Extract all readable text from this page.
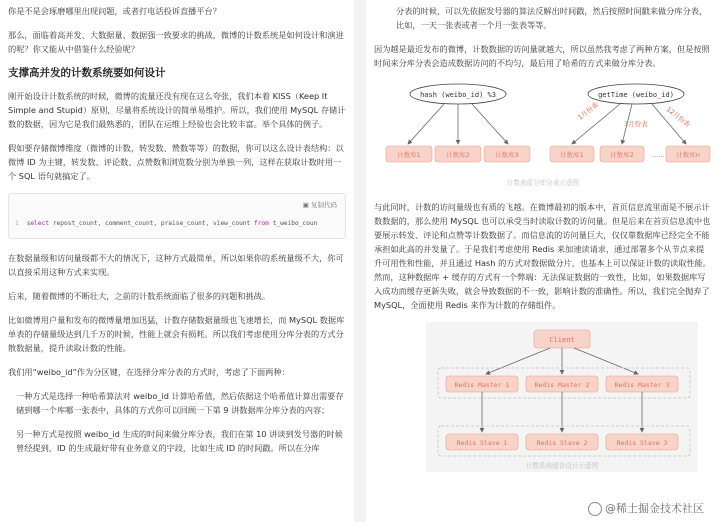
你是不是会琢磨哪里出现问题，或者打电话投诉直播平台？

那么，面临着高并发、大数据量、数据强一致要求的挑战，微博的计数系统是如何设计和演进的呢？你又能从中借鉴什么经验呢？

支撑高并发的计数系统要如何设计

刚开始设计计数系统的时候，微博的流量还没有现在这么夸张，我们本着 KISS（Keep It Simple and Stupid）原则，尽量将系统设计的简单易维护。所以，我们使用 MySQL 存储计数的数据，因为它是我们最熟悉的，团队在运维上经验也会比较丰富。举个具体的例子。

假如要存储微博维度（微博的计数，转发数、赞数等等）的数据，你可以这么设计表结构：以微博 ID 为主键，转发数、评论数、点赞数和浏览数分别为单独一列，这样在获取计数时用一个 SQL 语句就搞定了。

▣ 复制代码
1 select repost_count, comment_count, praise_count, view_count from t_weibo_coun

在数据量级和访问量级都不大的情况下，这种方式最简单，所以如果你的系统量级不大，你可以直接采用这种方式来实现。

后来，随着微博的不断壮大，之前的计数系统面临了很多的问题和挑战。

比如微博用户量和发布的微博量增加迅猛，计数存储数据量级也飞速增长，而 MySQL 数据库单表的存储量级达到几千万的时候，性能上就会有损耗。所以我们考虑使用分库分表的方式分散数据量，提升读取计数的性能。

我们用“weibo_id”作为分区键，在选择分库分表的方式时，考虑了下面两种：

一种方式是选择一种哈希算法对 weibo_id 计算哈希值，然后依据这个哈希值计算出需要存储到哪一个库哪一张表中，具体的方式你可以回顾一下第 9 讲数据库分库分表的内容；

另一种方式是按照 weibo_id 生成的时间来做分库分表，我们在第 10 讲谈到发号器的时候曾经提到，ID 的生成最好带有业务意义的字段，比如生成 ID 的时间戳。所以在分库

分表的时候，可以先依据发号器的算法反解出时间戳，然后按照时间戳来做分库分表，比如，一天一张表或者一个月一张表等等。

因为越是最近发布的微博，计数数据的访问量就越大，所以虽然我考虑了两种方案，但是按照时间来分库分表会造成数据访问的不均匀，最后用了哈希的方式来做分库分表。

hash (weibo_id) %3
计数库1	计数库2	计数库3
getTime (weibo_id)
1月份表
3月份表	12月份表
计数库1	计数库2	...... 计数库n
计数表部分库分表示意图

与此同时，计数的访问量级也有质的飞越。在微博最初的版本中，首页信息流里面是不展示计数数据的，那么使用 MySQL 也可以承受当时读取计数的访问量。但是后来在首页信息流中也要展示转发、评论和点赞等计数数据了。而信息流的访问量巨大，仅仅靠数据库已经完全不能承担如此高的并发量了。于是我们考虑使用 Redis 来加速读请求，通过部署多个从节点来提升可用性和性能，并且通过 Hash 的方式对数据做分片，也基本上可以保证计数的读取性能。然而，这种数据库 + 缓存的方式有一个弊端：无法保证数据的一致性，比如，如果数据库写入成功而缓存更新失败，就会导致数据的不一致，影响计数的准确性。所以，我们完全抛弃了 MySQL，全面使用 Redis 来作为计数的存储组件。

Client
Redis Master 1	Redis Master 2	Redis Master 3
Redis Slave 1	Redis Slave 2	Redis Slave 3
计数系统缓存设计示意图
@稀土掘金技术社区
